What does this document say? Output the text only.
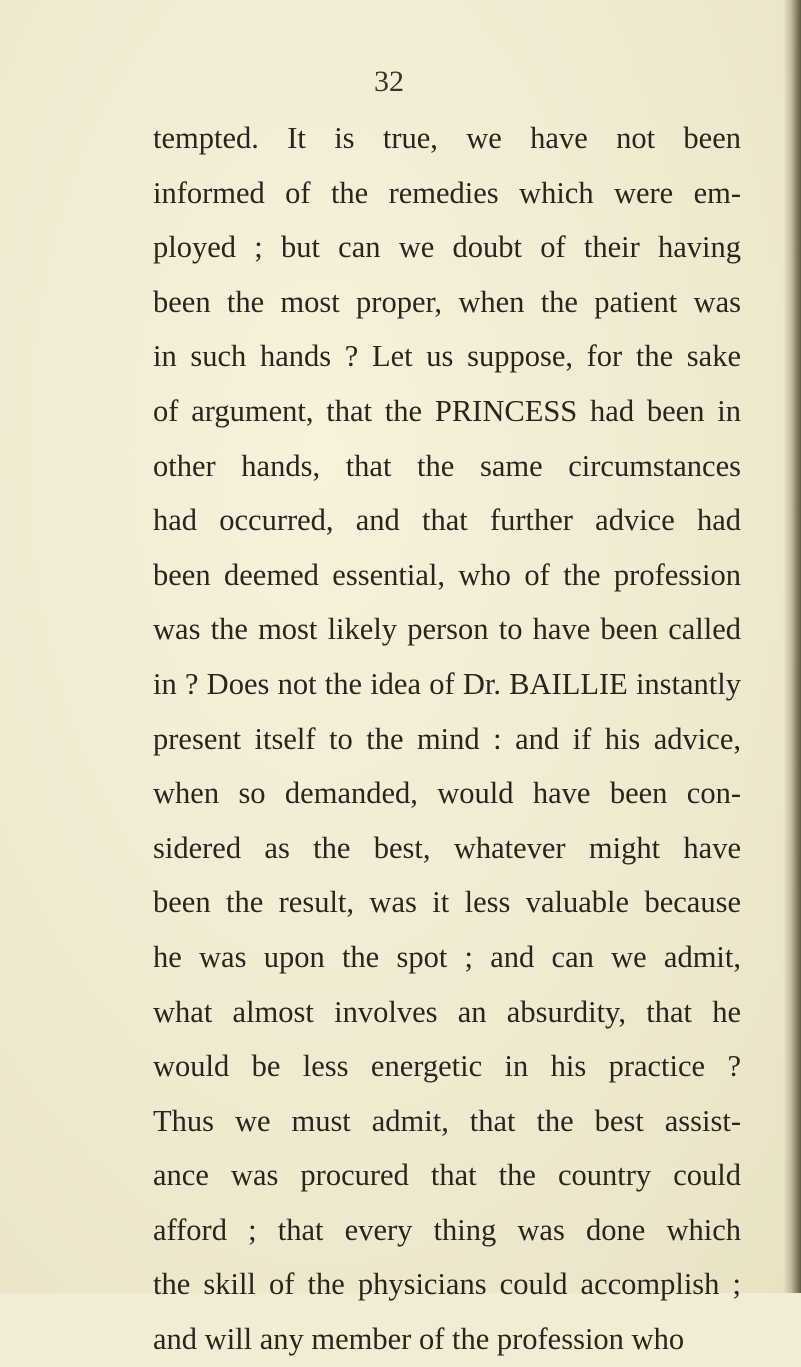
32
tempted. It is true, we have not been
informed of the remedies which were em-
ployed ; but can we doubt of their having
been the most proper, when the patient was
in such hands ? Let us suppose, for the sake
of argument, that the PRINCESS had been in
other hands, that the same circumstances
had occurred, and that further advice had
been deemed essential, who of the profession
was the most likely person to have been called
in ? Does not the idea of Dr. BAILLIE instantly
present itself to the mind : and if his advice,
when so demanded, would have been con-
sidered as the best, whatever might have
been the result, was it less valuable because
he was upon the spot ; and can we admit,
what almost involves an absurdity, that he
would be less energetic in his practice ?
Thus we must admit, that the best assist-
ance was procured that the country could
afford ; that every thing was done which
the skill of the physicians could accomplish ;
and will any member of the profession who
